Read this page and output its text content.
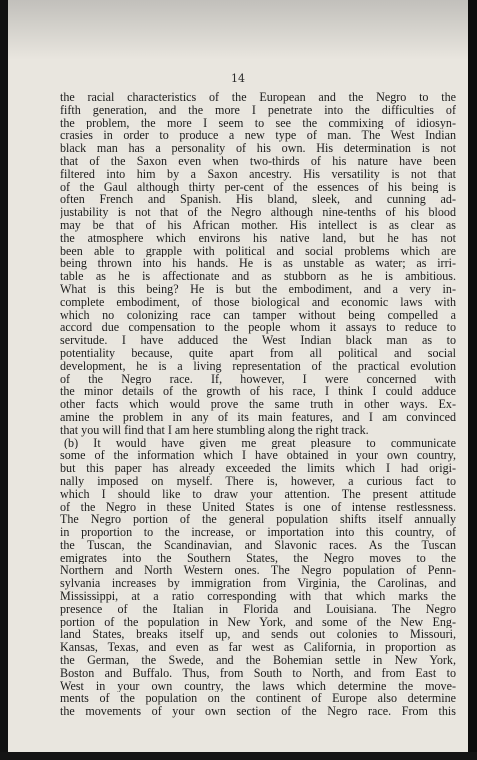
14
the racial characteristics of the European and the Negro to the
fifth generation, and the more I penetrate into the difficulties of
the problem, the more I seem to see the commixing of idiosyn-
crasies in order to produce a new type of man. The West Indian
black man has a personality of his own. His determination is not
that of the Saxon even when two-thirds of his nature have been
filtered into him by a Saxon ancestry. His versatility is not that
of the Gaul although thirty per-cent of the essences of his being is
often French and Spanish. His bland, sleek, and cunning ad-
justability is not that of the Negro although nine-tenths of his blood
may be that of his African mother. His intellect is as clear as
the atmosphere which environs his native land, but he has not
been able to grapple with political and social problems which are
being thrown into his hands. He is as unstable as water; as irri-
table as he is affectionate and as stubborn as he is ambitious.
What is this being? He is but the embodiment, and a very in-
complete embodiment, of those biological and economic laws with
which no colonizing race can tamper without being compelled a
accord due compensation to the people whom it assays to reduce to
servitude. I have adduced the West Indian black man as to
potentiality because, quite apart from all political and social
development, he is a living representation of the practical evolution
of the Negro race. If, however, I were concerned with
the minor details of the growth of his race, I think I could adduce
other facts which would prove the same truth in other ways. Ex-
amine the problem in any of its main features, and I am convinced
that you will find that I am here stumbling along the right track.
(b) It would have given me great pleasure to communicate
some of the information which I have obtained in your own country,
but this paper has already exceeded the limits which I had origi-
nally imposed on myself. There is, however, a curious fact to
which I should like to draw your attention. The present attitude
of the Negro in these United States is one of intense restlessness.
The Negro portion of the general population shifts itself annually
in proportion to the increase, or importation into this country, of
the Tuscan, the Scandinavian, and Slavonic races. As the Tuscan
emigrates into the Southern States, the Negro moves to the
Northern and North Western ones. The Negro population of Penn-
sylvania increases by immigration from Virginia, the Carolinas, and
Mississippi, at a ratio corresponding with that which marks the
presence of the Italian in Florida and Louisiana. The Negro
portion of the population in New York, and some of the New Eng-
land States, breaks itself up, and sends out colonies to Missouri,
Kansas, Texas, and even as far west as California, in proportion as
the German, the Swede, and the Bohemian settle in New York,
Boston and Buffalo. Thus, from South to North, and from East to
West in your own country, the laws which determine the move-
ments of the population on the continent of Europe also determine
the movements of your own section of the Negro race. From this
